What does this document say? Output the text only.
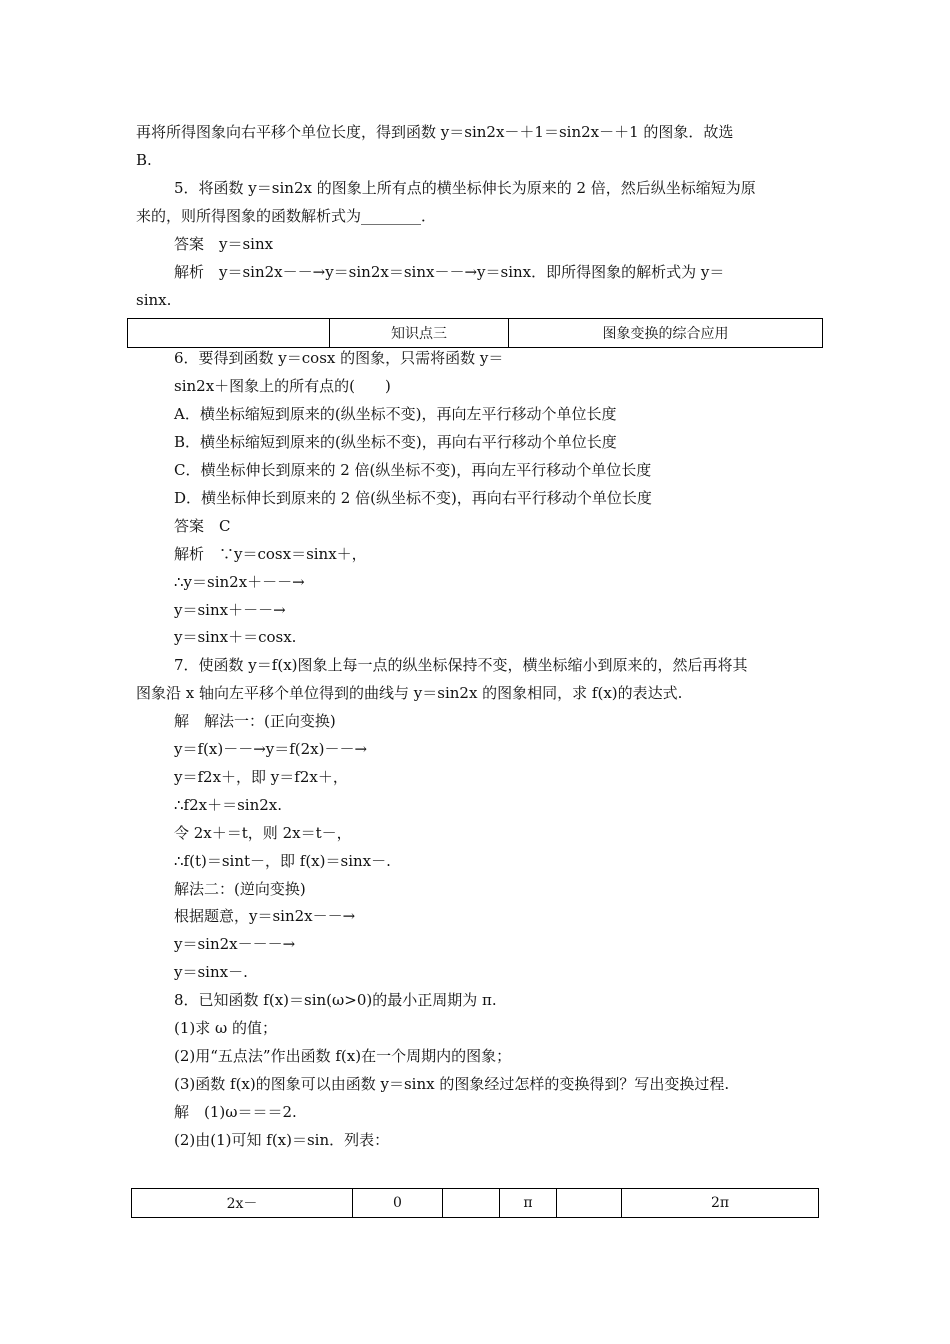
再将所得图象向右平移个单位长度，得到函数 y＝sin2x－＋1＝sin2x－＋1 的图象．故选
B.
5．将函数 y＝sin2x 的图象上所有点的横坐标伸长为原来的 2 倍，然后纵坐标缩短为原
来的，则所得图象的函数解析式为________．
答案　y＝sinx
解析　y＝sin2x－－→y＝sin2x＝sinx－－→y＝sinx．即所得图象的解析式为 y＝
sinx.
	知识点三	图象变换的综合应用
6．要得到函数 y＝cosx 的图象，只需将函数 y＝
sin2x＋图象上的所有点的(　　)
A．横坐标缩短到原来的(纵坐标不变)，再向左平行移动个单位长度
B．横坐标缩短到原来的(纵坐标不变)，再向右平行移动个单位长度
C．横坐标伸长到原来的 2 倍(纵坐标不变)，再向左平行移动个单位长度
D．横坐标伸长到原来的 2 倍(纵坐标不变)，再向右平行移动个单位长度
答案　C
解析　∵y＝cosx＝sinx＋，
∴y＝sin2x＋－－→
y＝sinx＋－－→
y＝sinx＋＝cosx.
7．使函数 y＝f(x)图象上每一点的纵坐标保持不变，横坐标缩小到原来的，然后再将其
图象沿 x 轴向左平移个单位得到的曲线与 y＝sin2x 的图象相同，求 f(x)的表达式.
解　解法一：(正向变换)
y＝f(x)－－→y＝f(2x)－－→
y＝f2x＋，即 y＝f2x＋，
∴f2x＋＝sin2x.
令 2x＋＝t，则 2x＝t－，
∴f(t)＝sint－，即 f(x)＝sinx－.
解法二：(逆向变换)
根据题意，y＝sin2x－－→
y＝sin2x－－－→
y＝sinx－.
8．已知函数 f(x)＝sin(ω>0)的最小正周期为 π.
(1)求 ω 的值；
(2)用“五点法”作出函数 f(x)在一个周期内的图象；
(3)函数 f(x)的图象可以由函数 y＝sinx 的图象经过怎样的变换得到？写出变换过程.
解　(1)ω＝＝＝2.
(2)由(1)可知 f(x)＝sin．列表：
2x－	0		π		2π
